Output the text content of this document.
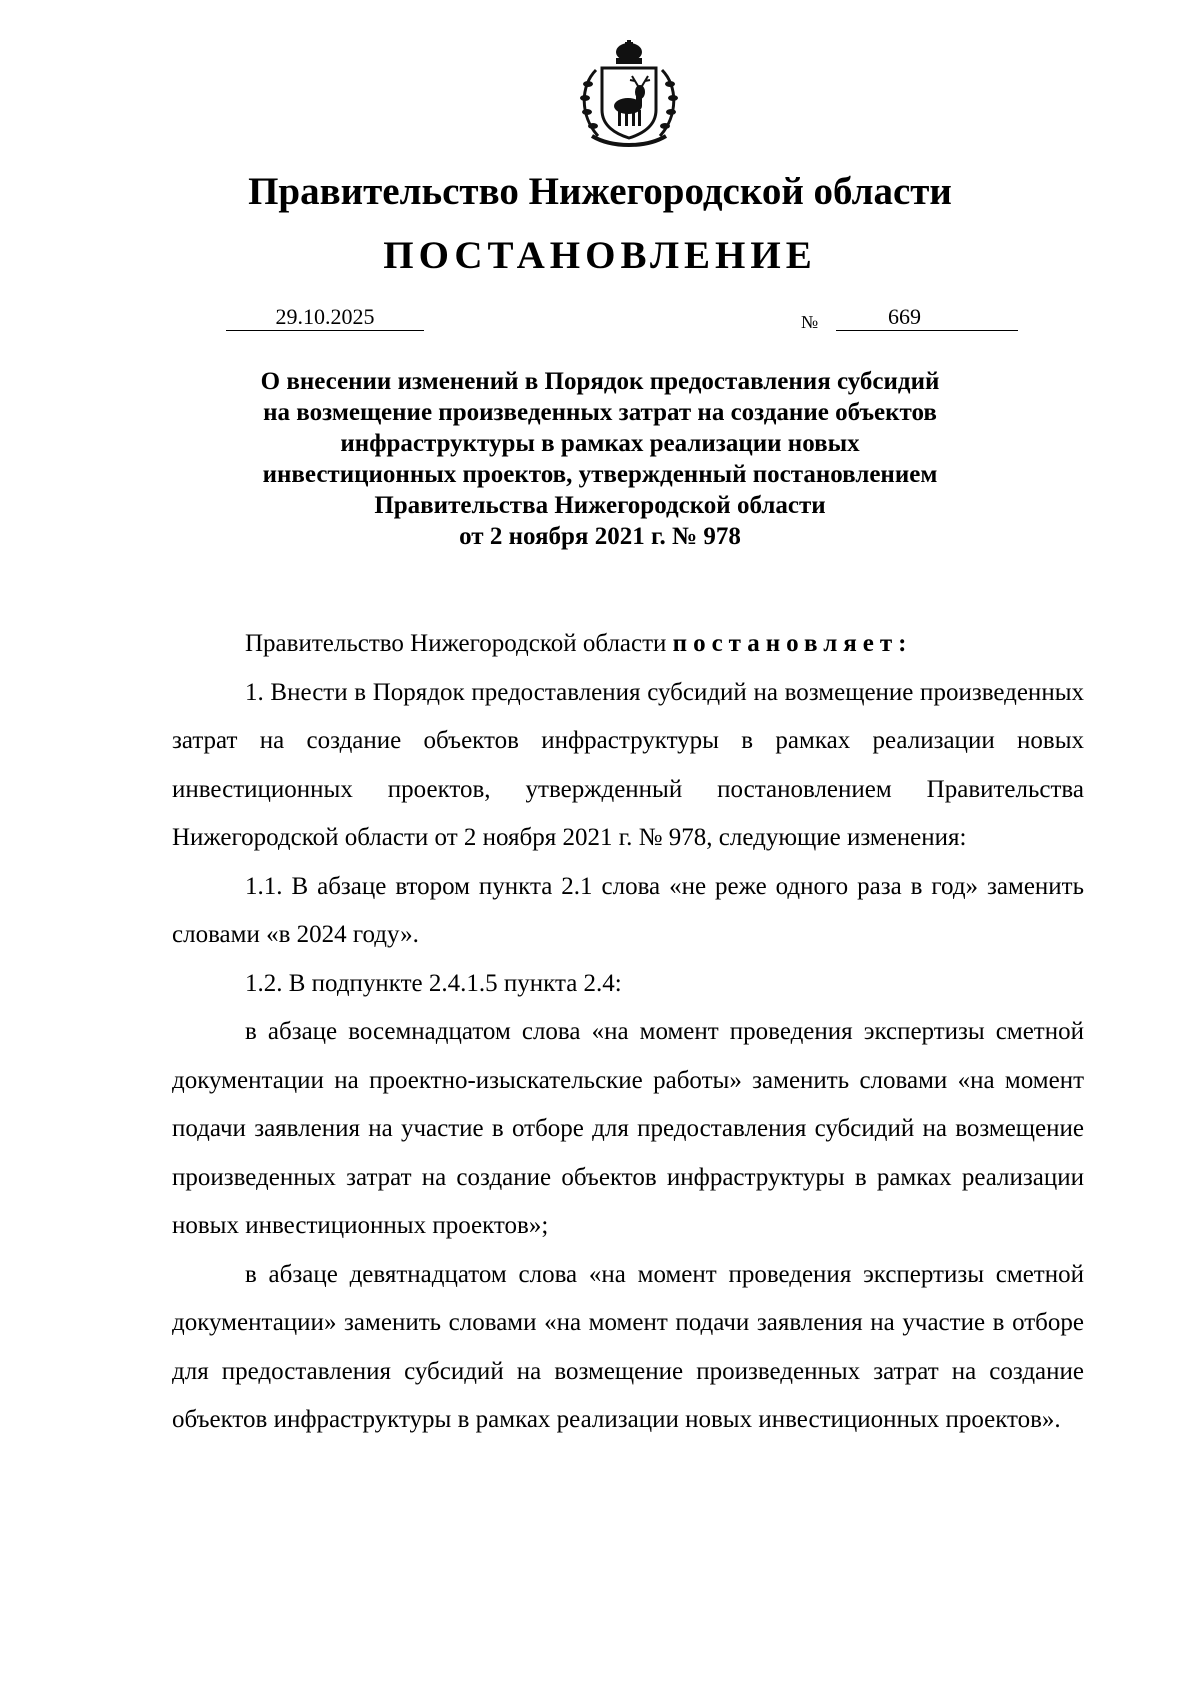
Правительство Нижегородской области
ПОСТАНОВЛЕНИЕ
29.10.2025	№	669
О внесении изменений в Порядок предоставления субсидий
на возмещение произведенных затрат на создание объектов
инфраструктуры в рамках реализации новых
инвестиционных проектов, утвержденный постановлением
Правительства Нижегородской области
от 2 ноября 2021 г. № 978

Правительство Нижегородской области постановляет:

1. Внести в Порядок предоставления субсидий на возмещение произведенных затрат на создание объектов инфраструктуры в рамках реализации новых инвестиционных проектов, утвержденный постановлением Правительства Нижегородской области от 2 ноября 2021 г. № 978, следующие изменения:

1.1. В абзаце втором пункта 2.1 слова «не реже одного раза в год» заменить словами «в 2024 году».

1.2. В подпункте 2.4.1.5 пункта 2.4:

в абзаце восемнадцатом слова «на момент проведения экспертизы сметной документации на проектно-изыскательские работы» заменить словами «на момент подачи заявления на участие в отборе для предоставления субсидий на возмещение произведенных затрат на создание объектов инфраструктуры в рамках реализации новых инвестиционных проектов»;

в абзаце девятнадцатом слова «на момент проведения экспертизы сметной документации» заменить словами «на момент подачи заявления на участие в отборе для предоставления субсидий на возмещение произведенных затрат на создание объектов инфраструктуры в рамках реализации новых инвестиционных проектов».
